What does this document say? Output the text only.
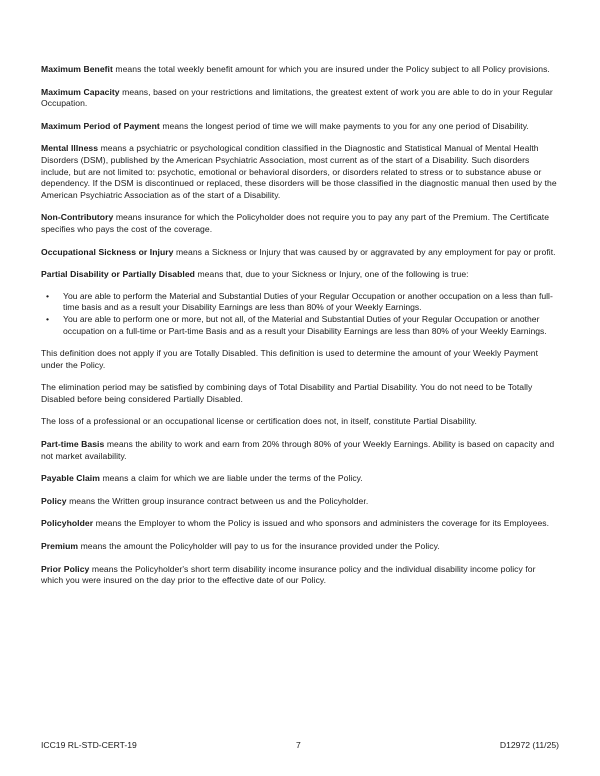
Maximum Benefit means the total weekly benefit amount for which you are insured under the Policy subject to all Policy provisions.

Maximum Capacity means, based on your restrictions and limitations, the greatest extent of work you are able to do in your Regular Occupation.

Maximum Period of Payment means the longest period of time we will make payments to you for any one period of Disability.

Mental Illness means a psychiatric or psychological condition classified in the Diagnostic and Statistical Manual of Mental Health Disorders (DSM), published by the American Psychiatric Association, most current as of the start of a Disability. Such disorders include, but are not limited to: psychotic, emotional or behavioral disorders, or disorders related to stress or to substance abuse or dependency. If the DSM is discontinued or replaced, these disorders will be those classified in the diagnostic manual then used by the American Psychiatric Association as of the start of a Disability.

Non-Contributory means insurance for which the Policyholder does not require you to pay any part of the Premium. The Certificate specifies who pays the cost of the coverage.

Occupational Sickness or Injury means a Sickness or Injury that was caused by or aggravated by any employment for pay or profit.

Partial Disability or Partially Disabled means that, due to your Sickness or Injury, one of the following is true:

• You are able to perform the Material and Substantial Duties of your Regular Occupation or another occupation on a less than full-time basis and as a result your Disability Earnings are less than 80% of your Weekly Earnings.
• You are able to perform one or more, but not all, of the Material and Substantial Duties of your Regular Occupation or another occupation on a full-time or Part-time Basis and as a result your Disability Earnings are less than 80% of your Weekly Earnings.

This definition does not apply if you are Totally Disabled. This definition is used to determine the amount of your Weekly Payment under the Policy.

The elimination period may be satisfied by combining days of Total Disability and Partial Disability. You do not need to be Totally Disabled before being considered Partially Disabled.

The loss of a professional or an occupational license or certification does not, in itself, constitute Partial Disability.

Part-time Basis means the ability to work and earn from 20% through 80% of your Weekly Earnings. Ability is based on capacity and not market availability.

Payable Claim means a claim for which we are liable under the terms of the Policy.

Policy means the Written group insurance contract between us and the Policyholder.

Policyholder means the Employer to whom the Policy is issued and who sponsors and administers the coverage for its Employees.

Premium means the amount the Policyholder will pay to us for the insurance provided under the Policy.

Prior Policy means the Policyholder's short term disability income insurance policy and the individual disability income policy for which you were insured on the day prior to the effective date of our Policy.

ICC19 RL-STD-CERT-19	7	D12972 (11/25)
